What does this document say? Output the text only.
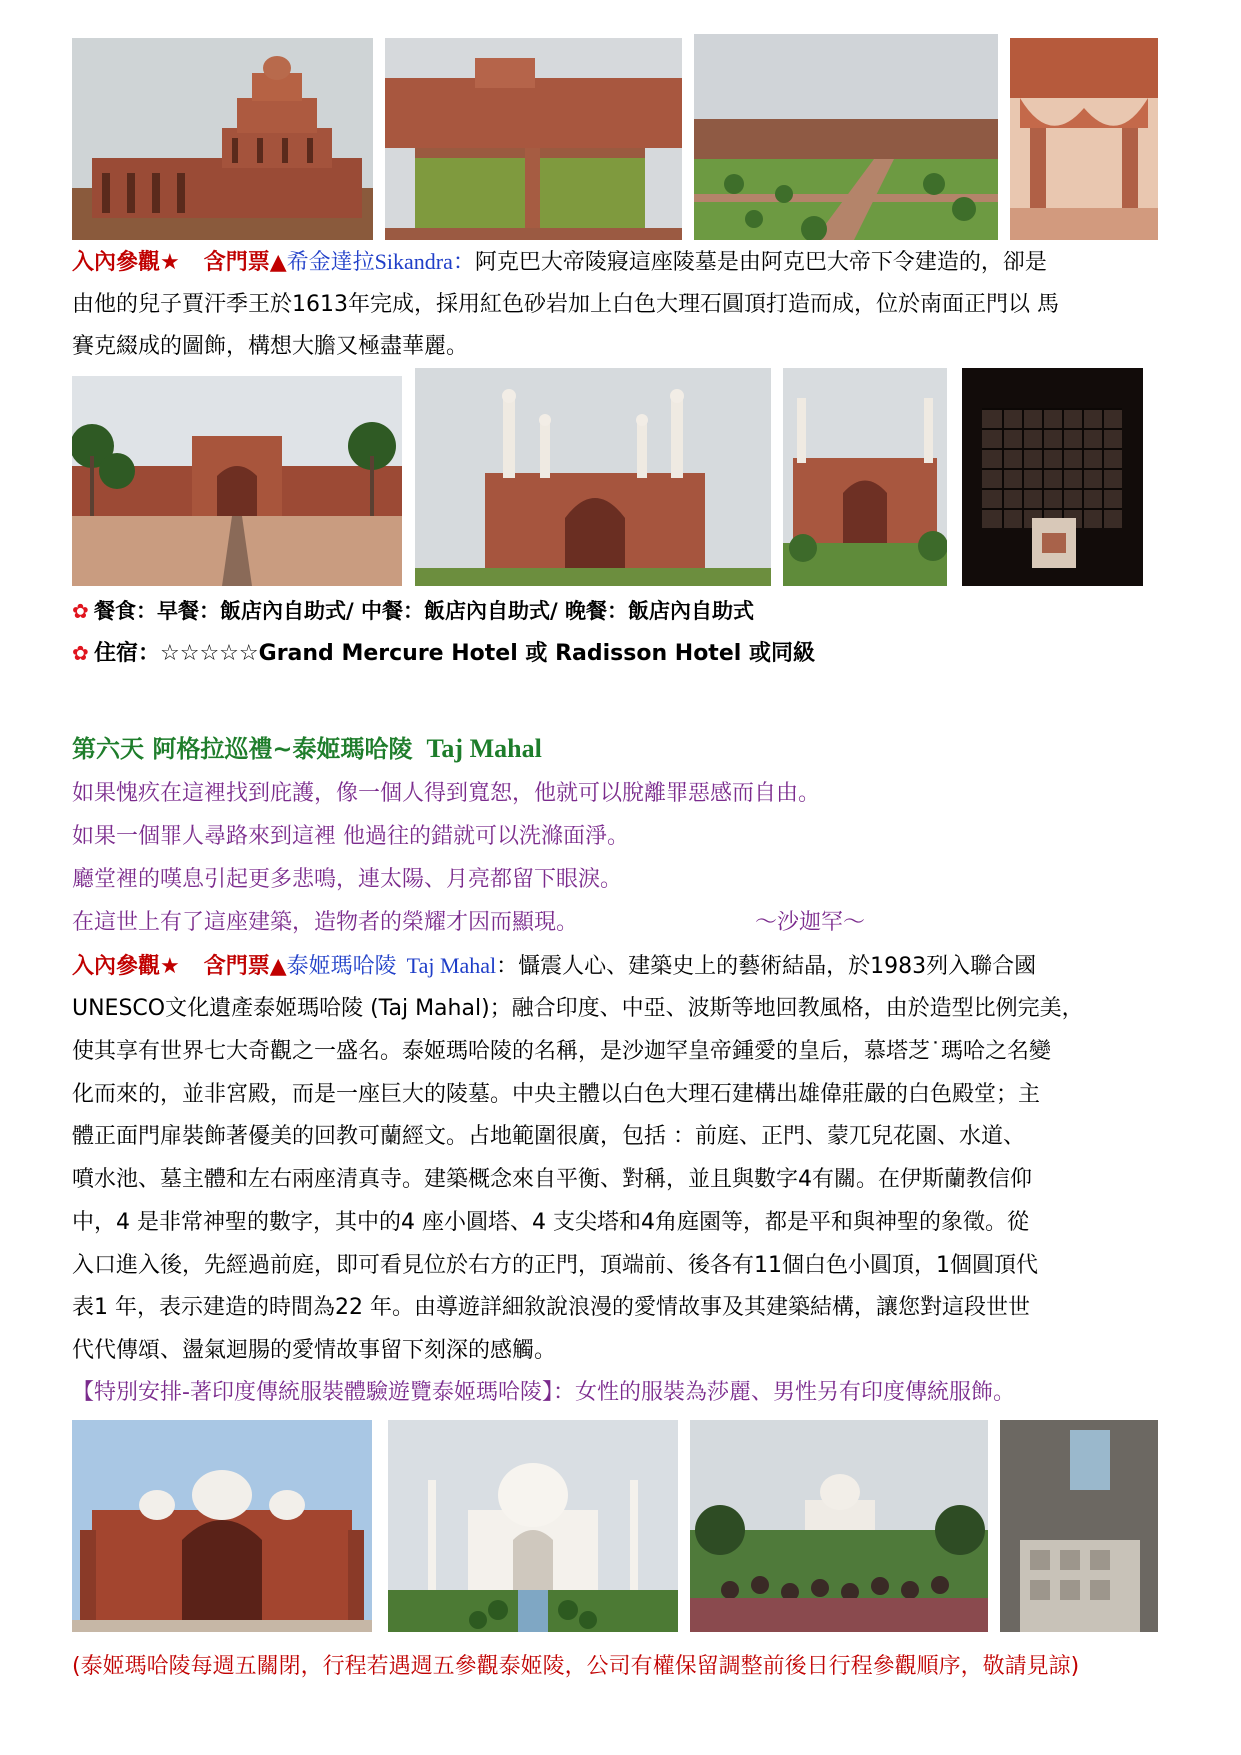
入內參觀★ 含門票▲希金達拉Sikandra：阿克巴大帝陵寢這座陵墓是由阿克巴大帝下令建造的，卻是
由他的兒子賈汗季王於1613年完成，採用紅色砂岩加上白色大理石圓頂打造而成，位於南面正門以 馬
賽克綴成的圖飾，構想大膽又極盡華麗。
✿ 餐食：早餐：飯店內自助式/ 中餐：飯店內自助式/ 晚餐：飯店內自助式
✿ 住宿：☆☆☆☆☆Grand Mercure Hotel 或 Radisson Hotel 或同級
第六天 阿格拉巡禮~泰姬瑪哈陵 Taj Mahal
如果愧疚在這裡找到庇護，像一個人得到寬恕，他就可以脫離罪惡感而自由。
如果一個罪人尋路來到這裡 他過往的錯就可以洗滌面淨。
廳堂裡的嘆息引起更多悲鳴，連太陽、月亮都留下眼淚。
在這世上有了這座建築，造物者的榮耀才因而顯現。	～沙迦罕～
入內參觀★ 含門票▲泰姬瑪哈陵 Taj Mahal：懾震人心、建築史上的藝術結晶，於1983列入聯合國
UNESCO文化遺產泰姬瑪哈陵 (Taj Mahal)；融合印度、中亞、波斯等地回教風格，由於造型比例完美，
使其享有世界七大奇觀之一盛名。泰姬瑪哈陵的名稱，是沙迦罕皇帝鍾愛的皇后，慕塔芝˙瑪哈之名變
化而來的，並非宮殿，而是一座巨大的陵墓。中央主體以白色大理石建構出雄偉莊嚴的白色殿堂；主
體正面門扉裝飾著優美的回教可蘭經文。占地範圍很廣，包括 ：前庭、正門、蒙兀兒花園、水道、
噴水池、墓主體和左右兩座清真寺。建築概念來自平衡、對稱，並且與數字4有關。在伊斯蘭教信仰
中，4 是非常神聖的數字，其中的4 座小圓塔、4 支尖塔和4角庭園等，都是平和與神聖的象徵。從
入口進入後，先經過前庭，即可看見位於右方的正門，頂端前、後各有11個白色小圓頂，1個圓頂代
表1 年，表示建造的時間為22 年。由導遊詳細敘說浪漫的愛情故事及其建築結構，讓您對這段世世
代代傳頌、盪氣迴腸的愛情故事留下刻深的感觸。
【特別安排-著印度傳統服裝體驗遊覽泰姬瑪哈陵】：女性的服裝為莎麗、男性另有印度傳統服飾。
(泰姬瑪哈陵每週五關閉，行程若遇週五參觀泰姬陵，公司有權保留調整前後日行程參觀順序，敬請見諒)
